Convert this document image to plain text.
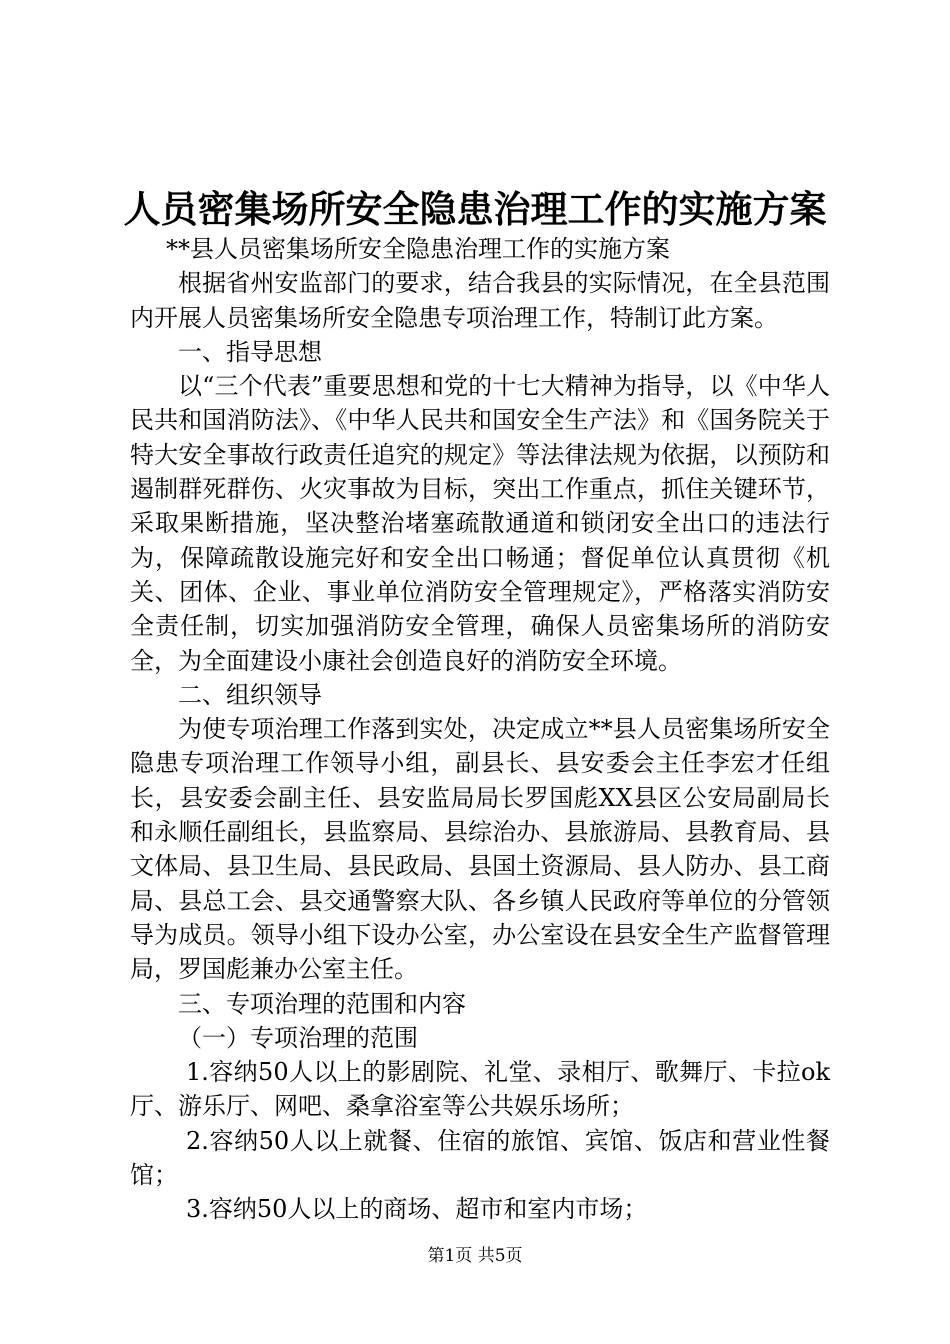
人员密集场所安全隐患治理工作的实施方案

**县人员密集场所安全隐患治理工作的实施方案

根据省州安监部门的要求，结合我县的实际情况，在全县范围内开展人员密集场所安全隐患专项治理工作，特制订此方案。

一、指导思想

以“三个代表”重要思想和党的十七大精神为指导，以《中华人民共和国消防法》、《中华人民共和国安全生产法》和《国务院关于特大安全事故行政责任追究的规定》等法律法规为依据，以预防和遏制群死群伤、火灾事故为目标，突出工作重点，抓住关键环节，采取果断措施，坚决整治堵塞疏散通道和锁闭安全出口的违法行为，保障疏散设施完好和安全出口畅通；督促单位认真贯彻《机关、团体、企业、事业单位消防安全管理规定》，严格落实消防安全责任制，切实加强消防安全管理，确保人员密集场所的消防安全，为全面建设小康社会创造良好的消防安全环境。

二、组织领导

为使专项治理工作落到实处，决定成立**县人员密集场所安全隐患专项治理工作领导小组，副县长、县安委会主任李宏才任组长，县安委会副主任、县安监局局长罗国彪XX县区公安局副局长和永顺任副组长，县监察局、县综治办、县旅游局、县教育局、县文体局、县卫生局、县民政局、县国土资源局、县人防办、县工商局、县总工会、县交通警察大队、各乡镇人民政府等单位的分管领导为成员。领导小组下设办公室，办公室设在县安全生产监督管理局，罗国彪兼办公室主任。

三、专项治理的范围和内容

（一）专项治理的范围

1.容纳50人以上的影剧院、礼堂、录相厅、歌舞厅、卡拉ok厅、游乐厅、网吧、桑拿浴室等公共娱乐场所；

2.容纳50人以上就餐、住宿的旅馆、宾馆、饭店和营业性餐馆；

3.容纳50人以上的商场、超市和室内市场；

第1页 共5页
